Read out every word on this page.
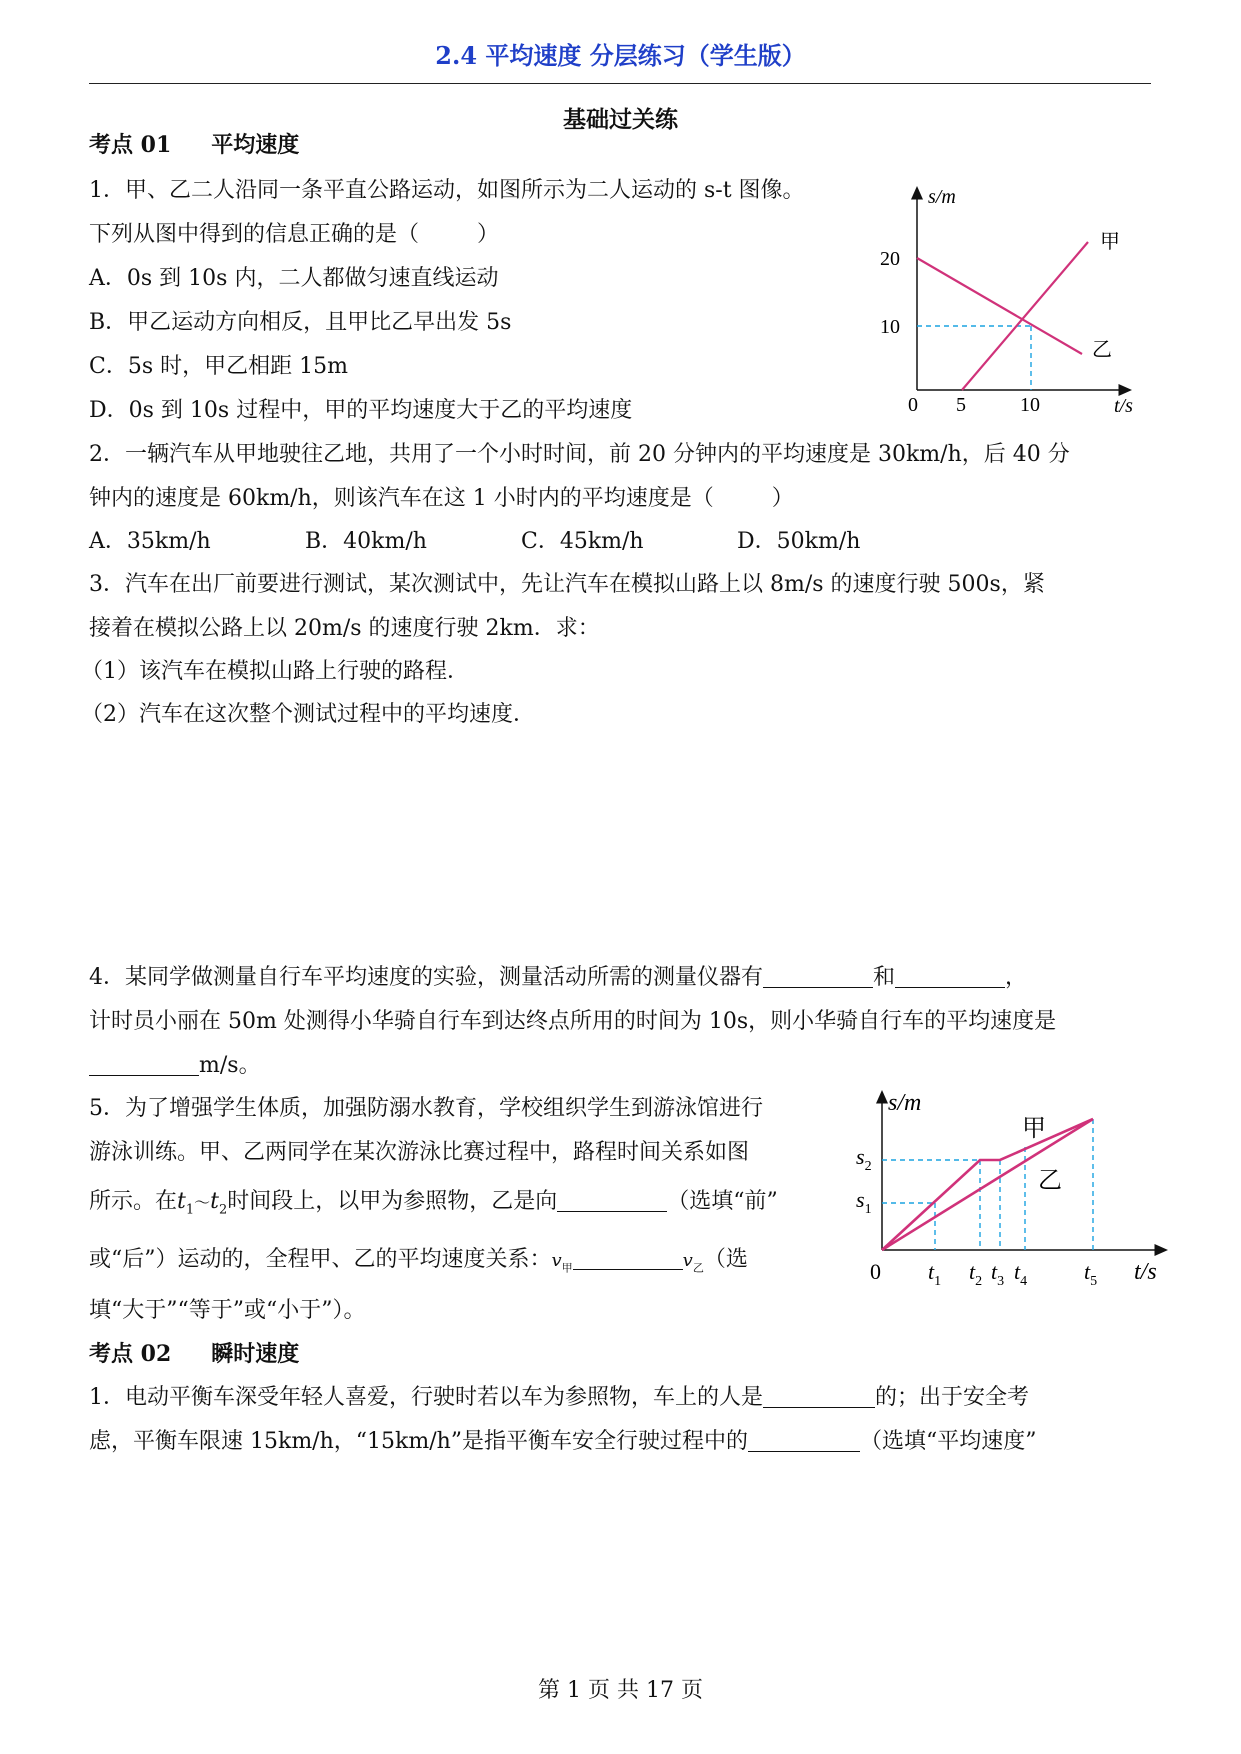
2.4 平均速度 分层练习（学生版）
基础过关练
考点 01 平均速度
1．甲、乙二人沿同一条平直公路运动，如图所示为二人运动的 s-t 图像。
下列从图中得到的信息正确的是（	）
A．0s 到 10s 内，二人都做匀速直线运动
B．甲乙运动方向相反，且甲比乙早出发 5s
C．5s 时，甲乙相距 15m
D．0s 到 10s 过程中，甲的平均速度大于乙的平均速度
s/m
t/s
0
20
10
5	10
甲
乙
2．一辆汽车从甲地驶往乙地，共用了一个小时时间，前 20 分钟内的平均速度是 30km/h，后 40 分
钟内的速度是 60km/h，则该汽车在这 1 小时内的平均速度是（	）
A．35km/h	B．40km/h	C．45km/h	D．50km/h
3．汽车在出厂前要进行测试，某次测试中，先让汽车在模拟山路上以 8m/s 的速度行驶 500s，紧
接着在模拟公路上以 20m/s 的速度行驶 2km．求：
（1）该汽车在模拟山路上行驶的路程．
（2）汽车在这次整个测试过程中的平均速度．
4．某同学做测量自行车平均速度的实验，测量活动所需的测量仪器有	和	，
计时员小丽在 50m 处测得小华骑自行车到达终点所用的时间为 10s，则小华骑自行车的平均速度是
m/s。
5．为了增强学生体质，加强防溺水教育，学校组织学生到游泳馆进行
游泳训练。甲、乙两同学在某次游泳比赛过程中，路程时间关系如图
所示。在$t_1\sim t_2$时间段上，以甲为参照物，乙是向	（选填“前”
或“后”）运动的，全程甲、乙的平均速度关系：$v_甲$	$v_乙$（选
填“大于”“等于”或“小于”）。
s/m
t/s
0
$s_2$
$s_1$
$t_1$ $t_2$ $t_3$ $t_4$	$t_5$
甲
乙
考点 02 瞬时速度
1．电动平衡车深受年轻人喜爱，行驶时若以车为参照物，车上的人是	的；出于安全考
虑，平衡车限速 15km/h，“15km/h”是指平衡车安全行驶过程中的	（选填“平均速度”
第 1 页 共 17 页
